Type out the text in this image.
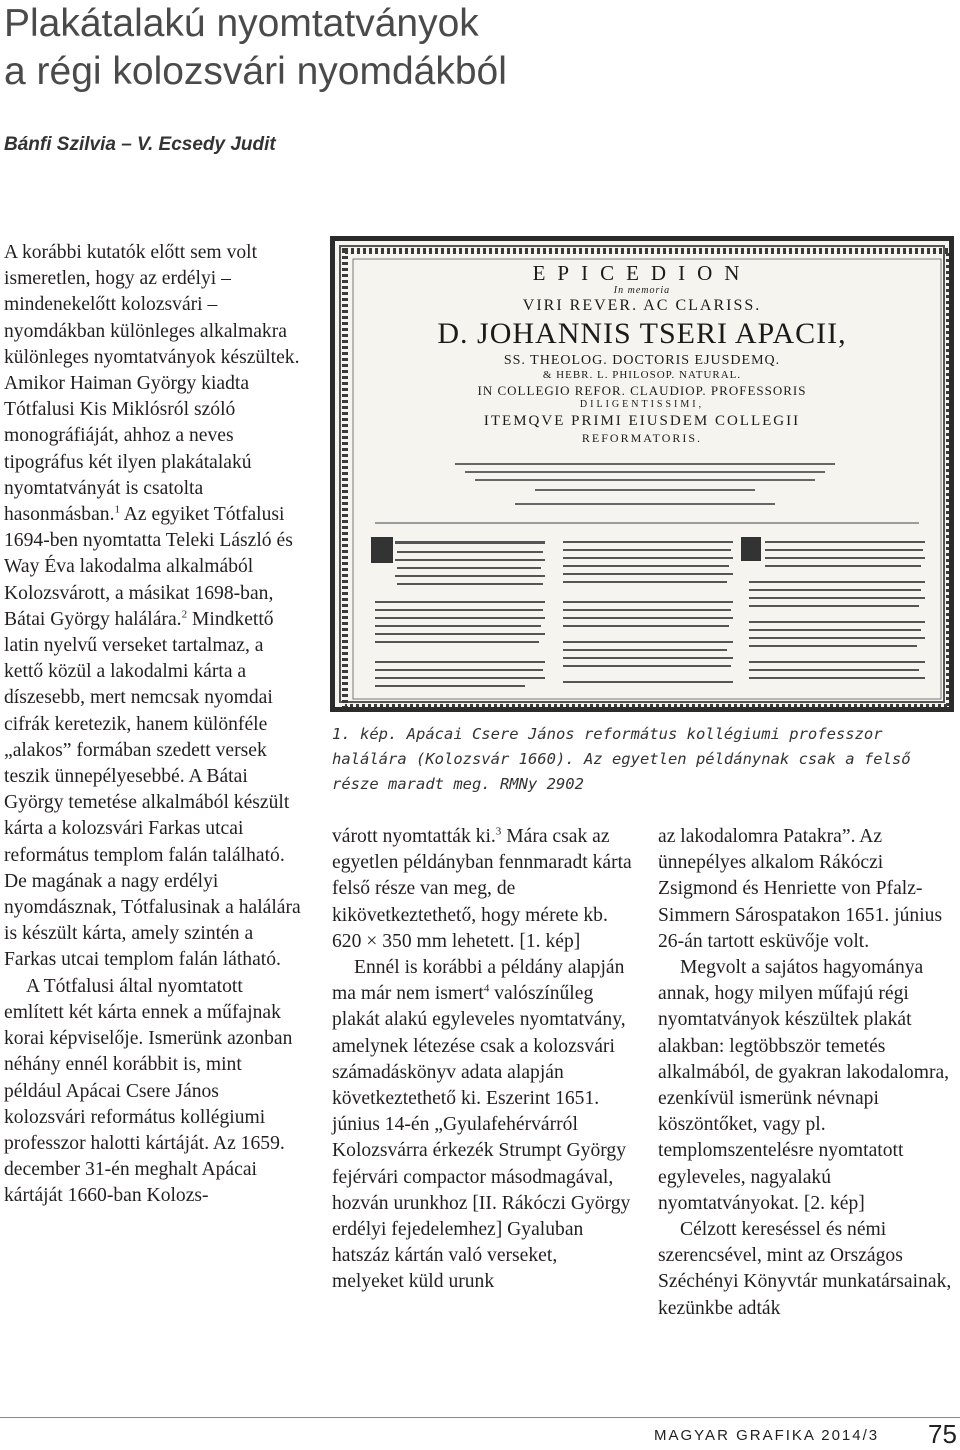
Plakátalakú nyomtatványok
a régi kolozsvári nyomdákból
Bánfi Szilvia – V. Ecsedy Judit

A korábbi kutatók előtt sem volt ismeretlen, hogy az erdélyi – mindenekelőtt kolozsvári – nyomdákban különleges alkalmakra különleges nyomtatványok készültek. Amikor Haiman György kiadta Tótfalusi Kis Miklósról szóló monográfiáját, ahhoz a neves tipográfus két ilyen plakátalakú nyomtatványát is csatolta hasonmásban.$^1$ Az egyiket Tótfalusi 1694-ben nyomtatta Teleki László és Way Éva lakodalma alkalmából Kolozsvárott, a másikat 1698-ban, Bátai György halálára.$^2$ Mindkettő latin nyelvű verseket tartalmaz, a kettő közül a lakodalmi kárta a díszesebb, mert nemcsak nyomdai cifrák keretezik, hanem különféle „alakos” formában szedett versek teszik ünnepélyesebbé. A Bátai György temetése alkalmából készült kárta a kolozsvári Farkas utcai református templom falán található. De magának a nagy erdélyi nyomdásznak, Tótfalusinak a halálára is készült kárta, amely szintén a Farkas utcai templom falán látható.

A Tótfalusi által nyomtatott említett két kárta ennek a műfajnak korai képviselője. Ismerünk azonban néhány ennél korábbit is, mint például Apácai Csere János kolozsvári református kollégiumi professzor halotti kártáját. Az 1659. december 31-én meghalt Apácai kártáját 1660-ban Kolozs-

EPICEDION
In memoria
VIRI REVER. AC CLARISS.
D. JOHANNIS TSERI APACII,
SS. THEOLOG. DOCTORIS EJUSDEMQ.
& HEBR. L. PHILOSOP. NATURAL.
IN COLLEGIO REFOR. CLAUDIOP. PROFESSORIS
DILIGENTISSIMI,
ITEMQVE PRIMI EIUSDEM COLLEGII
REFORMATORIS.
1. kép. Apácai Csere János református kollégiumi professzor halálára (Kolozsvár 1660). Az egyetlen példánynak csak a felső része maradt meg. RMNy 2902

várott nyomtatták ki.$^3$ Mára csak az egyetlen példányban fennmaradt kárta felső része van meg, de kikövetkeztethető, hogy mérete kb. 620 × 350 mm lehetett. [1. kép]

Ennél is korábbi a példány alapján ma már nem ismert$^4$ valószínűleg plakát alakú egyleveles nyomtatvány, amelynek létezése csak a kolozsvári számadáskönyv adata alapján következtethető ki. Eszerint 1651. június 14-én „Gyulafehérvárról Kolozsvárra érkezék Strumpt György fejérvári compactor másodmagával, hozván urunkhoz [II. Rákóczi György erdélyi fejedelemhez] Gyaluban hatszáz kártán való verseket, melyeket küld urunk

az lakodalomra Patakra”. Az ünnepélyes alkalom Rákóczi Zsigmond és Henriette von Pfalz-Simmern Sárospatakon 1651. június 26-án tartott esküvője volt.

Megvolt a sajátos hagyománya annak, hogy milyen műfajú régi nyomtatványok készültek plakát alakban: legtöbbször temetés alkalmából, de gyakran lakodalomra, ezenkívül ismerünk névnapi köszöntőket, vagy pl. templomszentelésre nyomtatott egyleveles, nagyalakú nyomtatványokat. [2. kép]

Célzott kereséssel és némi szerencsével, mint az Országos Széchényi Könyvtár munkatársainak, kezünkbe adták

MAGYAR GRAFIKA 2014/3 75
